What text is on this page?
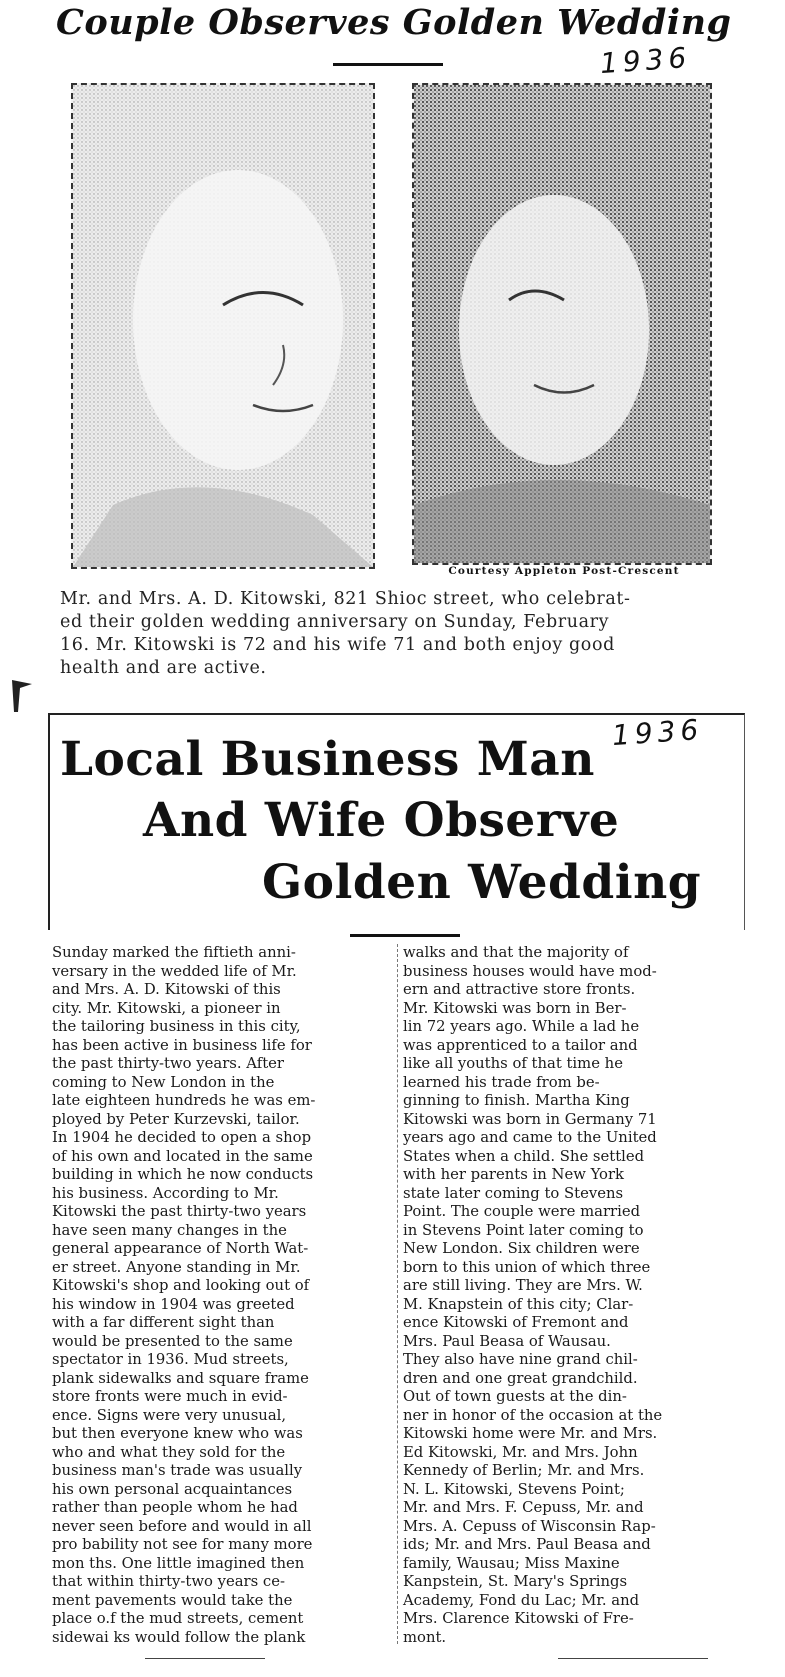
Couple Observes Golden Wedding
1936
Courtesy Appleton Post-Crescent
Mr. and Mrs. A. D. Kitowski, 821 Shioc street, who celebrat-
ed their golden wedding anniversary on Sunday, February
16. Mr. Kitowski is 72 and his wife 71 and both enjoy good
health and are active.
1936
Local Business Man
And Wife Observe
Golden Wedding
Sunday marked the fiftieth anni-
versary in the wedded life of Mr.
and Mrs. A. D. Kitowski of this
city. Mr. Kitowski, a pioneer in
the tailoring business in this city,
has been active in business life for
the past thirty-two years. After
coming to New London in the
late eighteen hundreds he was em-
ployed by Peter Kurzevski, tailor.
In 1904 he decided to open a shop
of his own and located in the same
building in which he now conducts
his business. According to Mr.
Kitowski the past thirty-two years
have seen many changes in the
general appearance of North Wat-
er street. Anyone standing in Mr.
Kitowski's shop and looking out of
his window in 1904 was greeted
with a far different sight than
would be presented to the same
spectator in 1936. Mud streets,
plank sidewalks and square frame
store fronts were much in evid-
ence. Signs were very unusual,
but then everyone knew who was
who and what they sold for the
business man's trade was usually
his own personal acquaintances
rather than people whom he had
never seen before and would in all
pro bability not see for many more
mon ths. One little imagined then
that within thirty-two years ce-
ment pavements would take the
place o.f the mud streets, cement
sidewai ks would follow the plank
walks and that the majority of
business houses would have mod-
ern and attractive store fronts.
Mr. Kitowski was born in Ber-
lin 72 years ago. While a lad he
was apprenticed to a tailor and
like all youths of that time he
learned his trade from be-
ginning to finish. Martha King
Kitowski was born in Germany 71
years ago and came to the United
States when a child. She settled
with her parents in New York
state later coming to Stevens
Point. The couple were married
in Stevens Point later coming to
New London. Six children were
born to this union of which three
are still living. They are Mrs. W.
M. Knapstein of this city; Clar-
ence Kitowski of Fremont and
Mrs. Paul Beasa of Wausau.
They also have nine grand chil-
dren and one great grandchild.
Out of town guests at the din-
ner in honor of the occasion at the
Kitowski home were Mr. and Mrs.
Ed Kitowski, Mr. and Mrs. John
Kennedy of Berlin; Mr. and Mrs.
N. L. Kitowski, Stevens Point;
Mr. and Mrs. F. Cepuss, Mr. and
Mrs. A. Cepuss of Wisconsin Rap-
ids; Mr. and Mrs. Paul Beasa and
family, Wausau; Miss Maxine
Kanpstein, St. Mary's Springs
Academy, Fond du Lac; Mr. and
Mrs. Clarence Kitowski of Fre-
mont.
